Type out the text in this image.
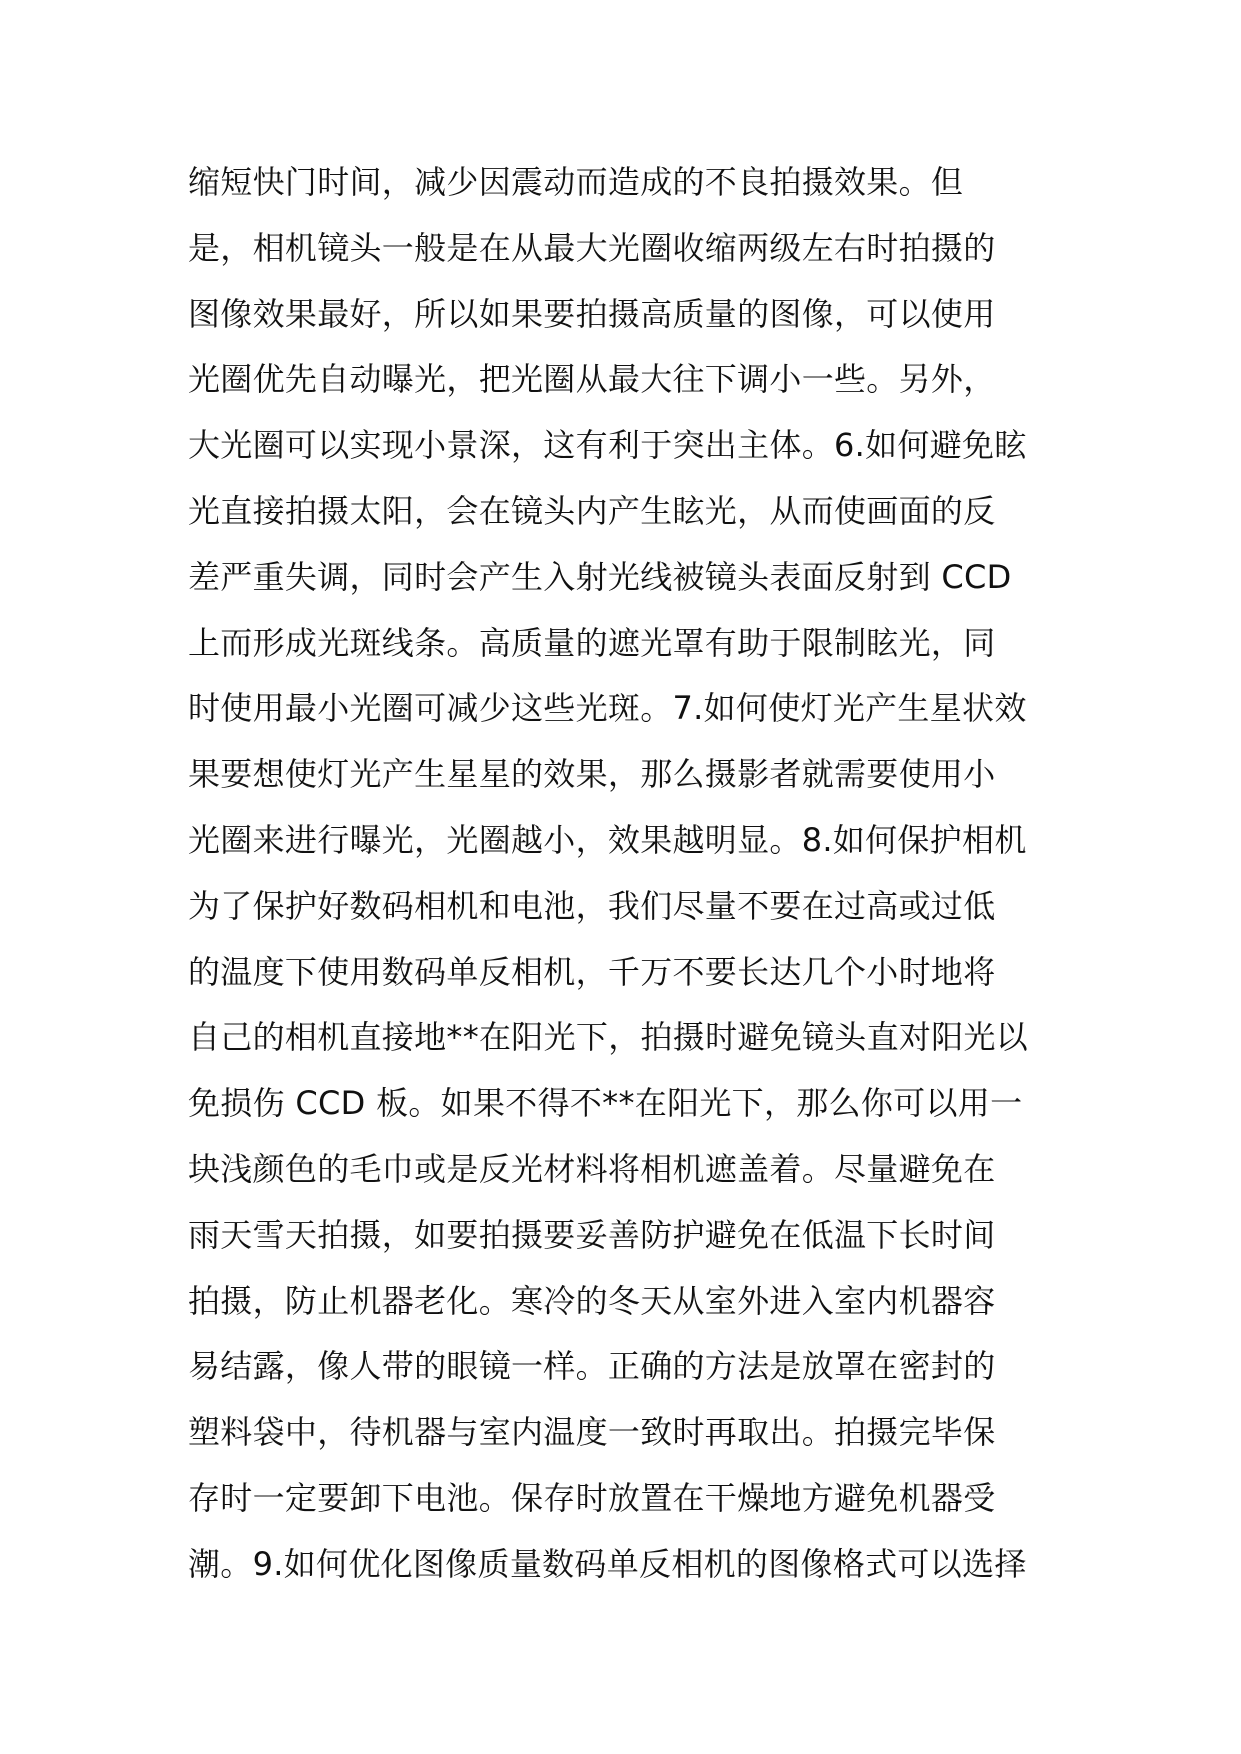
缩短快门时间，减少因震动而造成的不良拍摄效果。但
是，相机镜头一般是在从最大光圈收缩两级左右时拍摄的
图像效果最好，所以如果要拍摄高质量的图像，可以使用
光圈优先自动曝光，把光圈从最大往下调小一些。另外，
大光圈可以实现小景深，这有利于突出主体。6.如何避免眩
光直接拍摄太阳，会在镜头内产生眩光，从而使画面的反
差严重失调，同时会产生入射光线被镜头表面反射到 CCD
上而形成光斑线条。高质量的遮光罩有助于限制眩光，同
时使用最小光圈可减少这些光斑。7.如何使灯光产生星状效
果要想使灯光产生星星的效果，那么摄影者就需要使用小
光圈来进行曝光，光圈越小，效果越明显。8.如何保护相机
为了保护好数码相机和电池，我们尽量不要在过高或过低
的温度下使用数码单反相机，千万不要长达几个小时地将
自己的相机直接地**在阳光下，拍摄时避免镜头直对阳光以
免损伤 CCD 板。如果不得不**在阳光下，那么你可以用一
块浅颜色的毛巾或是反光材料将相机遮盖着。尽量避免在
雨天雪天拍摄，如要拍摄要妥善防护避免在低温下长时间
拍摄，防止机器老化。寒冷的冬天从室外进入室内机器容
易结露，像人带的眼镜一样。正确的方法是放罩在密封的
塑料袋中，待机器与室内温度一致时再取出。拍摄完毕保
存时一定要卸下电池。保存时放置在干燥地方避免机器受
潮。9.如何优化图像质量数码单反相机的图像格式可以选择
